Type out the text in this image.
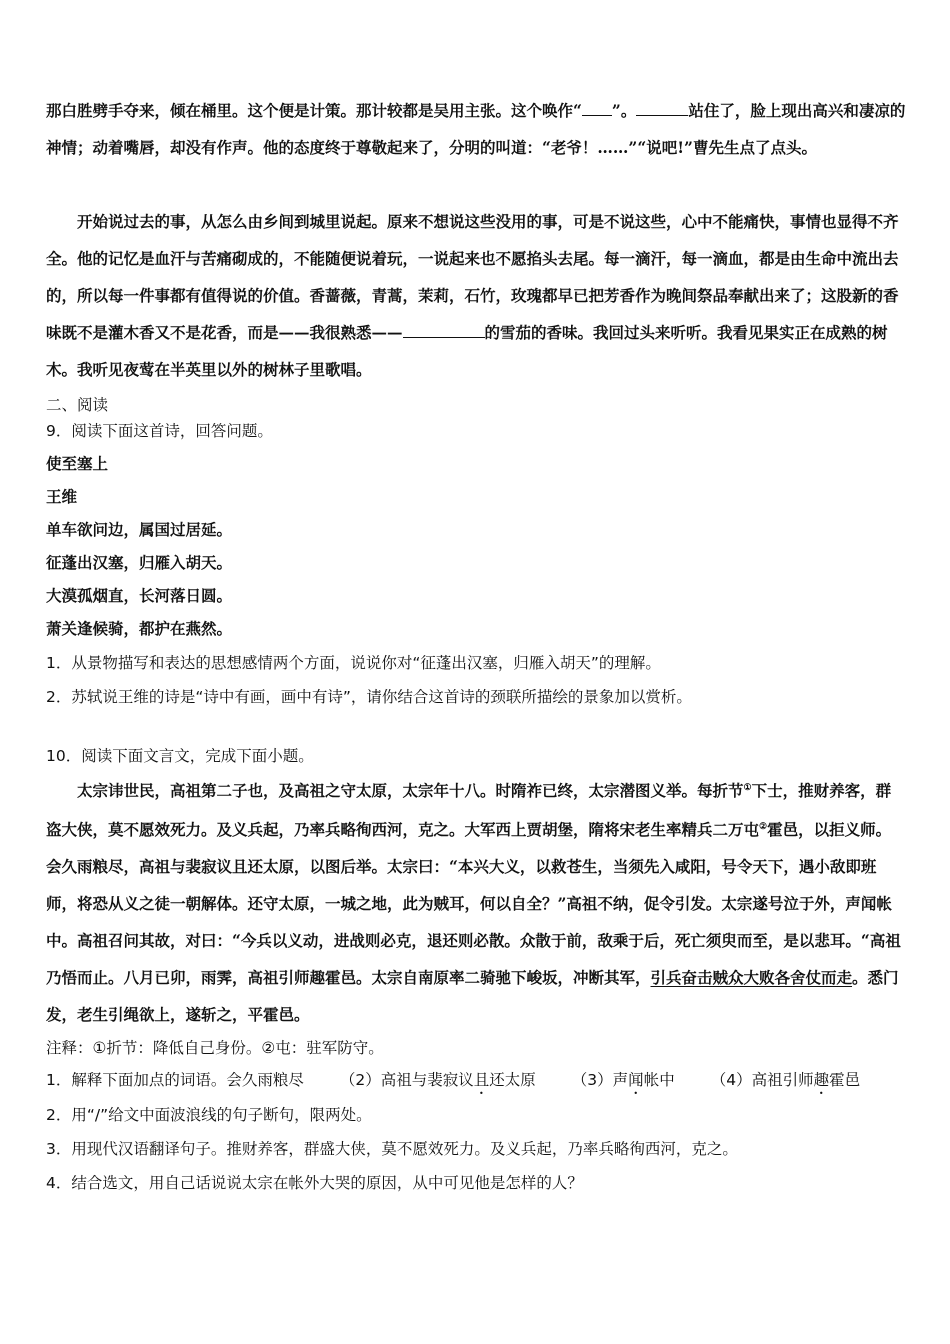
那白胜劈手夺来，倾在桶里。这个便是计策。那计较都是吴用主张。这个唤作“ ”。	站住了，脸上现出高兴和凄凉的神情；动着嘴唇，却没有作声。他的态度终于尊敬起来了，分明的叫道：“老爷！……”“说吧!”曹先生点了点头。
开始说过去的事，从怎么由乡间到城里说起。原来不想说这些没用的事，可是不说这些，心中不能痛快，事情也显得不齐全。他的记忆是血汗与苦痛砌成的，不能随便说着玩，一说起来也不愿掐头去尾。每一滴汗，每一滴血，都是由生命中流出去的，所以每一件事都有值得说的价值。香蔷薇，青蒿，茉莉，石竹，玫瑰都早已把芳香作为晚间祭品奉献出来了；这股新的香味既不是灌木香又不是花香，而是——我很熟悉——	的雪茄的香味。我回过头来听听。我看见果实正在成熟的树木。我听见夜莺在半英里以外的树林子里歌唱。
二、阅读
9．阅读下面这首诗，回答问题。
使至塞上
王维
单车欲问边，属国过居延。
征蓬出汉塞，归雁入胡天。
大漠孤烟直，长河落日圆。
萧关逢候骑，都护在燕然。
1．从景物描写和表达的思想感情两个方面，说说你对“征蓬出汉塞，归雁入胡天”的理解。
2．苏轼说王维的诗是“诗中有画，画中有诗”，请你结合这首诗的颈联所描绘的景象加以赏析。
10．阅读下面文言文，完成下面小题。
太宗讳世民，高祖第二子也，及高祖之守太原，太宗年十八。时隋祚已终，太宗潜图义举。每折节①下士，推财养客，群盗大侠，莫不愿效死力。及义兵起，乃率兵略徇西河，克之。大军西上贾胡堡，隋将宋老生率精兵二万屯②霍邑，以拒义师。会久雨粮尽，高祖与裴寂议且还太原，以图后举。太宗曰：“本兴大义，以救苍生，当须先入咸阳，号令天下，遇小敌即班师，将恐从义之徒一朝解体。还守太原，一城之地，此为贼耳，何以自全？”高祖不纳，促令引发。太宗遂号泣于外，声闻帐中。高祖召问其故，对曰：“今兵以义动，进战则必克，退还则必散。众散于前，敌乘于后，死亡须臾而至，是以悲耳。“高祖乃悟而止。八月已卯，雨霁，高祖引师趣霍邑。太宗自南原率二骑驰下峻坂，冲断其军，引兵奋击贼众大败各舍仗而走。悉门发，老生引绳欲上，遂斩之，平霍邑。
注释：①折节：降低自己身份。②屯：驻军防守。
1．解释下面加点的词语。会久雨粮尽 （2）高祖与裴寂议且还太原 （3）声闻帐中 （4）高祖引师趣霍邑
2．用“/”给文中面波浪线的句子断句，限两处。
3．用现代汉语翻译句子。推财养客，群盛大侠，莫不愿效死力。及义兵起，乃率兵略徇西河，克之。
4．结合选文，用自己话说说太宗在帐外大哭的原因，从中可见他是怎样的人？
